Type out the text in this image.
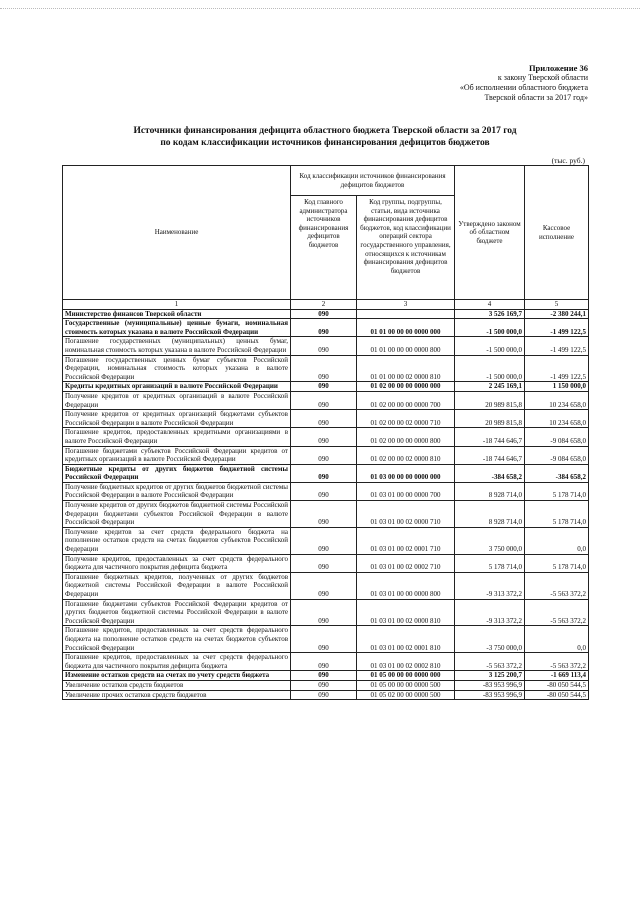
Приложение 36
к закону Тверской области
«Об исполнении областного бюджета
Тверской области за 2017 год»
Источники финансирования дефицита областного бюджета Тверской области за 2017 год
по кодам классификации источников финансирования дефицитов бюджетов
(тыс. руб.)
Наименование	Код классификации источников финансирования дефицитов бюджетов		Утверждено законом об областном бюджете	Кассовое исполнение
	Код главного администратора источников финансирования дефицитов бюджетов	Код группы, подгруппы, статьи, вида источника финансирования дефицитов бюджетов, код классификации операций сектора государственного управления, относящихся к источникам финансирования дефицитов бюджетов		
1	2	3	4	5
Министерство финансов Тверской области	090		3 526 169,7	-2 380 244,1
Государственные (муниципальные) ценные бумаги, номинальная стоимость которых указана в валюте Российской Федерации	090	01 01 00 00 00 0000 000	-1 500 000,0	-1 499 122,5
Погашение государственных (муниципальных) ценных бумаг, номинальная стоимость которых указана в валюте Российской Федерации	090	01 01 00 00 00 0000 800	-1 500 000,0	-1 499 122,5
Погашение государственных ценных бумаг субъектов Российской Федерации, номинальная стоимость которых указана в валюте Российской Федерации	090	01 01 00 00 02 0000 810	-1 500 000,0	-1 499 122,5
Кредиты кредитных организаций в валюте Российской Федерации	090	01 02 00 00 00 0000 000	2 245 169,1	1 150 000,0
Получение кредитов от кредитных организаций в валюте Российской Федерации	090	01 02 00 00 00 0000 700	20 989 815,8	10 234 658,0
Получение кредитов от кредитных организаций бюджетами субъектов Российской Федерации в валюте Российской Федерации	090	01 02 00 00 02 0000 710	20 989 815,8	10 234 658,0
Погашение кредитов, предоставленных кредитными организациями в валюте Российской Федерации	090	01 02 00 00 00 0000 800	-18 744 646,7	-9 084 658,0
Погашение бюджетами субъектов Российской Федерации кредитов от кредитных организаций в валюте Российской Федерации	090	01 02 00 00 02 0000 810	-18 744 646,7	-9 084 658,0
Бюджетные кредиты от других бюджетов бюджетной системы Российской Федерации	090	01 03 00 00 00 0000 000	-384 658,2	-384 658,2
Получение бюджетных кредитов от других бюджетов бюджетной системы Российской Федерации в валюте Российской Федерации	090	01 03 01 00 00 0000 700	8 928 714,0	5 178 714,0
Получение кредитов от других бюджетов бюджетной системы Российской Федерации бюджетами субъектов Российской Федерации в валюте Российской Федерации	090	01 03 01 00 02 0000 710	8 928 714,0	5 178 714,0
Получение кредитов за счет средств федерального бюджета на пополнение остатков средств на счетах бюджетов субъектов Российской Федерации	090	01 03 01 00 02 0001 710	3 750 000,0	0,0
Получение кредитов, предоставленных за счет средств федерального бюджета для частичного покрытия дефицита бюджета	090	01 03 01 00 02 0002 710	5 178 714,0	5 178 714,0
Погашение бюджетных кредитов, полученных от других бюджетов бюджетной системы Российской Федерации в валюте Российской Федерации	090	01 03 01 00 00 0000 800	-9 313 372,2	-5 563 372,2
Погашение бюджетами субъектов Российской Федерации кредитов от других бюджетов бюджетной системы Российской Федерации в валюте Российской Федерации	090	01 03 01 00 02 0000 810	-9 313 372,2	-5 563 372,2
Погашение кредитов, предоставленных за счет средств федерального бюджета на пополнение остатков средств на счетах бюджетов субъектов Российской Федерации	090	01 03 01 00 02 0001 810	-3 750 000,0	0,0
Погашение кредитов, предоставленных за счет средств федерального бюджета для частичного покрытия дефицита бюджета	090	01 03 01 00 02 0002 810	-5 563 372,2	-5 563 372,2
Изменение остатков средств на счетах по учету средств бюджета	090	01 05 00 00 00 0000 000	3 125 200,7	-1 669 113,4
Увеличение остатков средств бюджетов	090	01 05 00 00 00 0000 500	-83 953 996,9	-80 050 544,5
Увеличение прочих остатков средств бюджетов	090	01 05 02 00 00 0000 500	-83 953 996,9	-80 050 544,5
